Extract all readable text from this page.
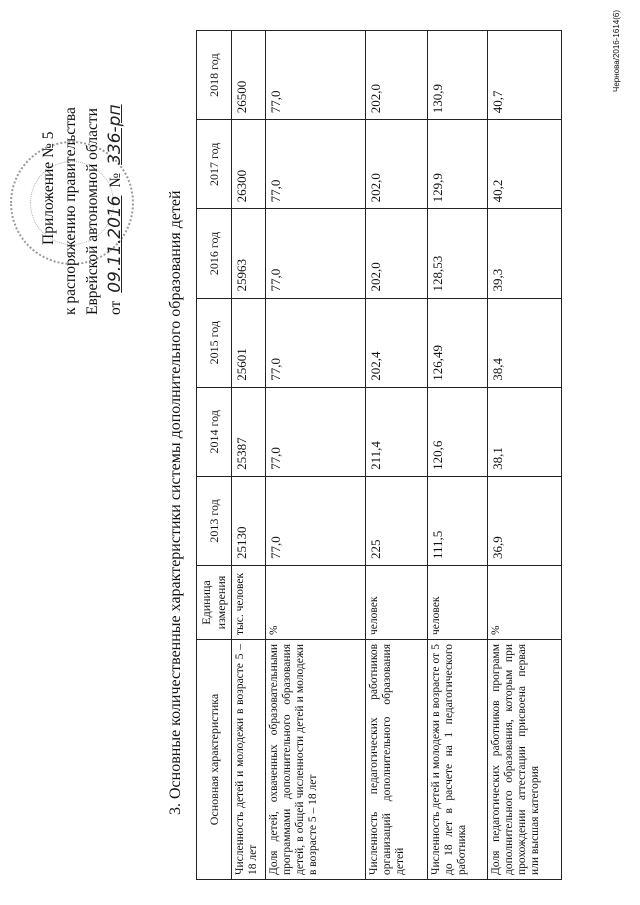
Приложение № 5 к распоряжению правительства Еврейской автономной области от 09.11.2016 № 336-рп
3. Основные количественные характеристики системы дополнительного образования детей Основная характеристика	Единица измерения	2013 год	2014 год	2015 год	2016 год	2017 год	2018 год
Численность детей и молодежи в возрасте 5 – 18 лет	тыс. человек	25130	25387	25601	25963	26300	26500
Доля детей, охваченных образовательными программами дополнительного образования детей, в общей численности детей и молодежи в возрасте 5 – 18 лет	%	77,0	77,0	77,0	77,0	77,0	77,0
Численность педагогических работников организаций дополнительного образования детей	человек	225	211,4	202,4	202,0	202,0	202,0
Численность детей и молодежи в возрасте от 5 до 18 лет в расчете на 1 педагогического работника	человек	111,5	120,6	126,49	128,53	129,9	130,9
Доля педагогических работников программ дополнительного образования, которым при прохождении аттестации присвоена первая или высшая категория	%	36,9	38,1	38,4	39,3	40,2	40,7
Чернова/2016-1614(6)
